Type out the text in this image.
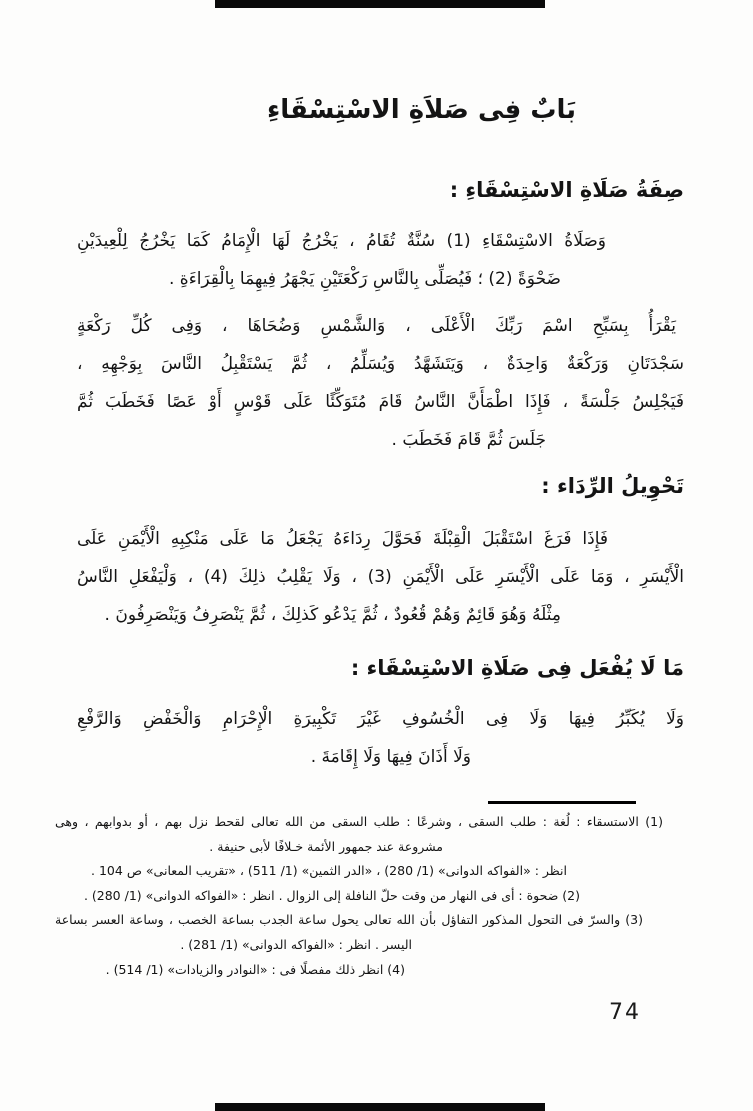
بَابٌ فِى صَلاَةِ الاسْتِسْقَاءِ
صِفَةُ صَلَاةِ الاسْتِسْقَاءِ :
وَصَلَاةُ الاسْتِسْقَاءِ (1) سُنَّةٌ تُقَامُ ، يَخْرُجُ لَهَا الْإِمَامُ كَمَا يَخْرُجُ لِلْعِيدَيْنِ
ضَحْوَةً (2) ؛ فَيُصَلِّى بِالنَّاسِ رَكْعَتَيْنِ يَجْهَرُ فِيهِمَا بِالْقِرَاءَةِ .
يَقْرَأُ بِسَبِّحِ اسْمَ رَبِّكَ الْأَعْلَى ، وَالشَّمْسِ وَضُحَاهَا ، وَفِى كُلِّ رَكْعَةٍ
سَجْدَتَانِ وَرَكْعَةٌ وَاحِدَةٌ ، وَيَتَشَهَّدُ وَيُسَلِّمُ ، ثُمَّ يَسْتَقْبِلُ النَّاسَ بِوَجْهِهِ ،
فَيَجْلِسُ جَلْسَةً ، فَإِذَا اطْمَأَنَّ النَّاسُ قَامَ مُتَوَكِّئًا عَلَى قَوْسٍ أَوْ عَصًا فَخَطَبَ ثُمَّ
جَلَسَ ثُمَّ قَامَ فَخَطَبَ .
تَحْوِيلُ الرِّدَاء :
فَإِذَا فَرَغَ اسْتَقْبَلَ الْقِبْلَةَ فَحَوَّلَ رِدَاءَهُ يَجْعَلُ مَا عَلَى مَنْكِبِهِ الْأَيْمَنِ عَلَى
الْأَيْسَرِ ، وَمَا عَلَى الْأَيْسَرِ عَلَى الْأَيْمَنِ (3) ، وَلَا يَقْلِبُ ذلِكَ (4) ، وَلْيَفْعَلِ النَّاسُ
مِثْلَهُ وَهُوَ قَائِمٌ وَهُمْ قُعُودٌ ، ثُمَّ يَدْعُو كَذلِكَ ، ثُمَّ يَنْصَرِفُ وَيَنْصَرِفُونَ .
مَا لَا يُفْعَل فِى صَلَاةِ الاسْتِسْقَاء :
وَلَا يُكَبِّرُ فِيهَا وَلَا فِى الْخُسُوفِ غَيْرَ تَكْبِيرَةِ الْإِحْرَامِ وَالْخَفْضِ وَالرَّفْعِ
وَلَا أَذَانَ فِيهَا وَلَا إِقَامَةَ .
(1) الاستسقاء : لُغة : طلب السقى ، وشرعًا : طلب السقى من الله تعالى لقحط نزل بهم ، أو بدوابهم ، وهى
مشروعة عند جمهور الأئمة خـلافًا لأبى حنيفة .
انظر : «الفواكه الدوانى» (1/ 280) ، «الدر الثمين» (1/ 511) ، «تقريب المعانى» ص 104 .
(2) ضحوة : أى فى النهار من وقت حلّ النافلة إلى الزوال . انظر : «الفواكه الدوانى» (1/ 280) .
(3) والسرّ فى التحول المذكور التفاؤل بأن الله تعالى يحول ساعة الجدب بساعة الخصب ، وساعة العسر بساعة
اليسر . انظر : «الفواكه الدوانى» (1/ 281) .
(4) انظر ذلك مفصلًا فى : «النوادر والزيادات» (1/ 514) .
74
